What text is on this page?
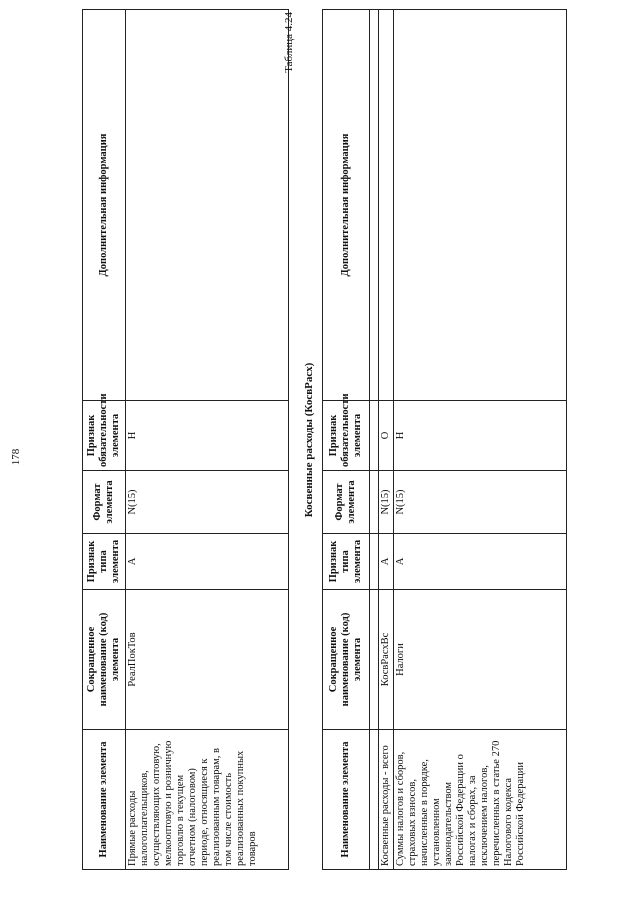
178
Наименование элемента	Сокращенное наименование (код) элемента	Признак типа элемента	Формат элемента	Признак обязательности элемента	Дополнительная информация
Прямые расходы налогоплательщиков, осуществляющих оптовую, мелкооптовую и розничную торговлю в текущем отчетном (налоговом) периоде, относящиеся к реализованным товарам, в том числе стоимость реализованных покупных товаров	РеалПокТов	А	N(15)	Н	
Таблица 4.24
Косвенные расходы (КосвРасх)
Наименование элемента	Сокращенное наименование (код) элемента	Признак типа элемента	Формат элемента	Признак обязательности элемента	Дополнительная информация

Косвенные расходы - всего	КосвРасхВс	А	N(15)	О	
Суммы налогов и сборов, страховых взносов, начисленные в порядке, установленном законодательством Российской Федерации о налогах и сборах, за исключением налогов, перечисленных в статье 270 Налогового кодекса Российской Федерации	Налоги	А	N(15)	Н	
